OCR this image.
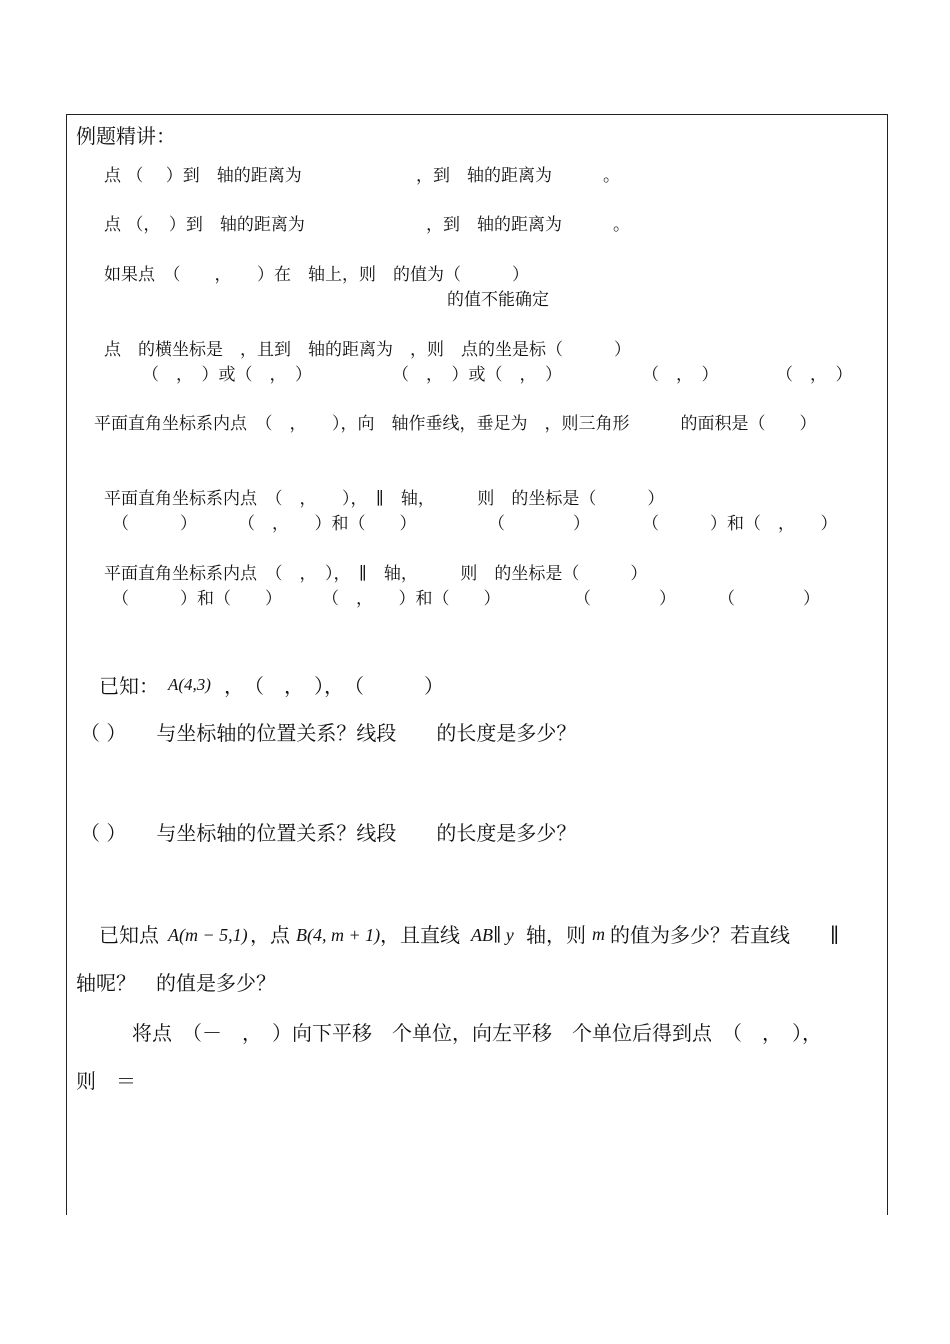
例题精讲：
点 （　 ）到　轴的距离为	，到　轴的距离为　　　。
点 （，　）到　轴的距离为	，到　轴的距离为　　　。
如果点　（　　，　　）在　轴上，则　的值为（　　　）
的值不能确定
点　的横坐标是　，且到　轴的距离为　，则　点的坐是标（　　　）
（　，　）或（　，　）	（　，　）或（　，　）	（　，　）	（　，　）
平面直角坐标系内点　（　，　　），向　轴作垂线，垂足为　，则三角形　　　的面积是（　　）
平面直角坐标系内点　（　，　　），　∥　轴，　　　则　的坐标是（　　　）
（　　　） （　，　　）和（　　）	（　　　　）	（　　　）和（　，　　）
平面直角坐标系内点　（　，　），　∥　轴，　　　则　的坐标是（　　　）
（　　　）和（　　） （　，　　）和（　　）	（　　　　） （　　　　）
已知： A(4,3) ，　（　，　），　（　　　）
（ ）　　与坐标轴的位置关系？线段　　的长度是多少？
（ ）　　与坐标轴的位置关系？线段　　的长度是多少？
已知点 A(m − 5,1) ，点 B(4, m + 1) ，且直线 AB∥ y 轴，则 m 的值为多少？若直线　　∥
轴呢？　的值是多少？
将点　（－　，　）向下平移　个单位，向左平移　个单位后得到点　（　，　），
则　＝
